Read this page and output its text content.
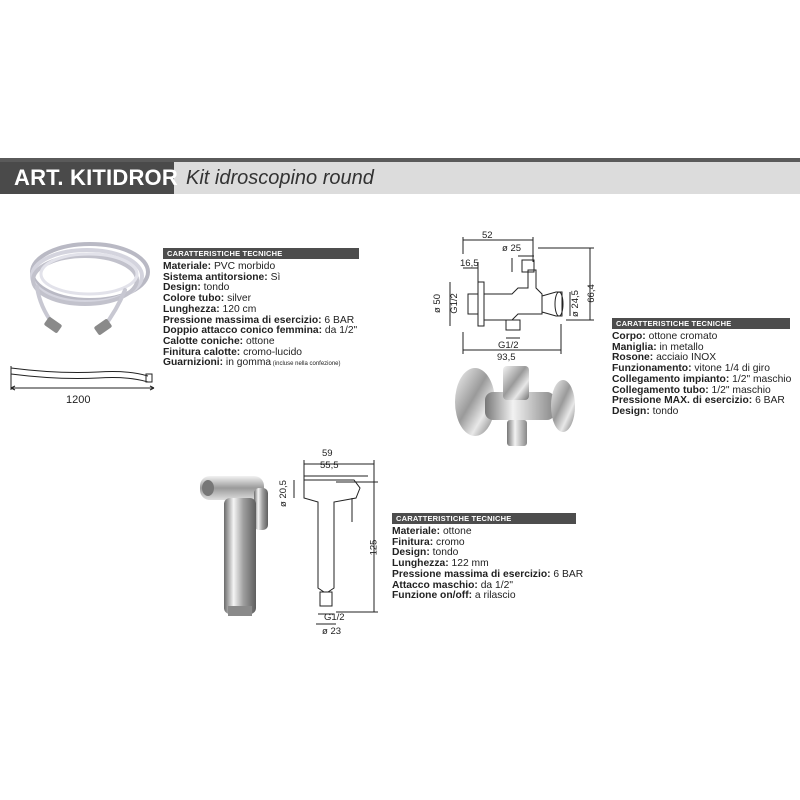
ART. KITIDROR Kit idroscopino round
1200
CARATTERISTICHE TECNICHE
Materiale: PVC morbido
Sistema antitorsione: Sì
Design: tondo
Colore tubo: silver
Lunghezza: 120 cm
Pressione massima di esercizio: 6 BAR
Doppio attacco conico femmina: da 1/2"
Calotte coniche: ottone
Finitura calotte: cromo-lucido
Guarnizioni: in gomma (incluse nella confezione)
52
ø 25
16,5
ø 50 G1/2	ø 24,5 66,4
G1/2
93,5
CARATTERISTICHE TECNICHE
Corpo: ottone cromato
Maniglia: in metallo
Rosone: acciaio INOX
Funzionamento: vitone 1/4 di giro
Collegamento impianto: 1/2" maschio
Collegamento tubo: 1/2" maschio
Pressione MAX. di esercizio: 6 BAR
Design: tondo
59
55,5
ø 20,5
125
G1/2
ø 23
CARATTERISTICHE TECNICHE
Materiale: ottone
Finitura: cromo
Design: tondo
Lunghezza: 122 mm
Pressione massima di esercizio: 6 BAR
Attacco maschio: da 1/2"
Funzione on/off: a rilascio
